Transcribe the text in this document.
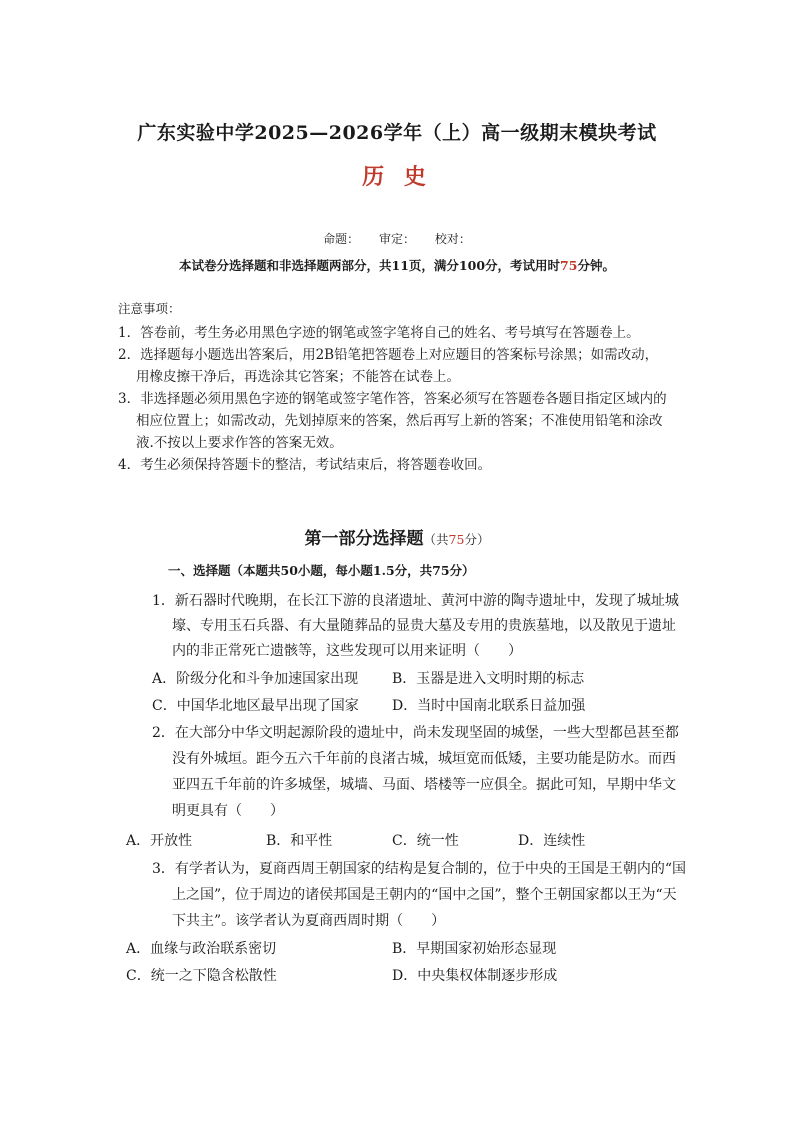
广东实验中学2025—2026学年（上）高一级期末模块考试
历 史
命题： 审定： 校对：
本试卷分选择题和非选择题两部分，共11页，满分100分，考试用时75分钟。
注意事项：
1．答卷前，考生务必用黑色字迹的钢笔或签字笔将自己的姓名、考号填写在答题卷上。
2．选择题每小题选出答案后，用2B铅笔把答题卷上对应题目的答案标号涂黑；如需改动，
用橡皮擦干净后，再选涂其它答案；不能答在试卷上。
3．非选择题必须用黑色字迹的钢笔或签字笔作答，答案必须写在答题卷各题目指定区域内的
相应位置上；如需改动，先划掉原来的答案，然后再写上新的答案；不准使用铅笔和涂改
液.不按以上要求作答的答案无效。
4．考生必须保持答题卡的整洁，考试结束后，将答题卷收回。
第一部分选择题（共75分）
一、选择题（本题共50小题，每小题1.5分，共75分）
1．新石器时代晚期，在长江下游的良渚遗址、黄河中游的陶寺遗址中，发现了城址城
壕、专用玉石兵器、有大量随葬品的显贵大墓及专用的贵族墓地，以及散见于遗址
内的非正常死亡遗骸等，这些发现可以用来证明（　　）
A．阶级分化和斗争加速国家出现 B．玉器是进入文明时期的标志
C．中国华北地区最早出现了国家 D．当时中国南北联系日益加强
2．在大部分中华文明起源阶段的遗址中，尚未发现坚固的城堡，一些大型都邑甚至都
没有外城垣。距今五六千年前的良渚古城，城垣宽而低矮，主要功能是防水。而西
亚四五千年前的许多城堡，城墙、马面、塔楼等一应俱全。据此可知，早期中华文
明更具有（　　）
A．开放性	B．和平性	C．统一性	D．连续性
3．有学者认为，夏商西周王朝国家的结构是复合制的，位于中央的王国是王朝内的“国
上之国”，位于周边的诸侯邦国是王朝内的“国中之国”，整个王朝国家都以王为“天
下共主”。该学者认为夏商西周时期（　　）
A．血缘与政治联系密切	B．早期国家初始形态显现
C．统一之下隐含松散性	D．中央集权体制逐步形成
